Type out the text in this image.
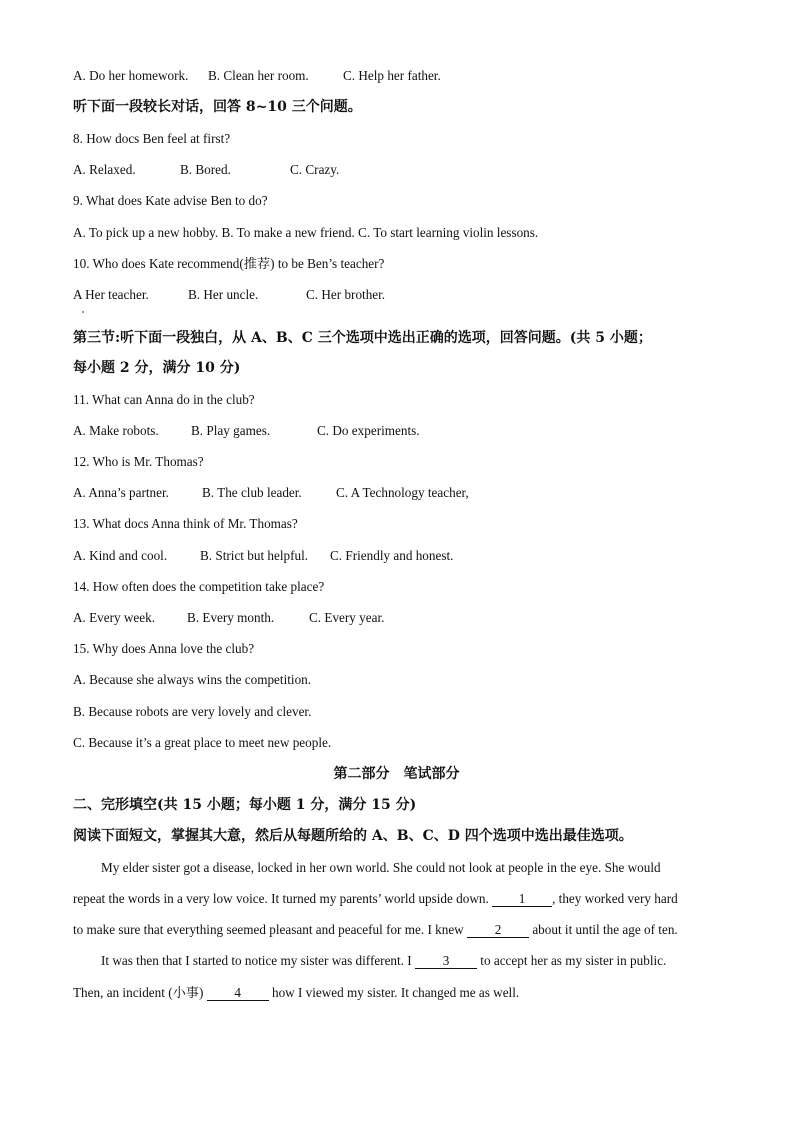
A. Do her homework. B. Clean her room.	C. Help her father.
听下面一段较长对话，回答 8~10 三个问题。
8. How docs Ben feel at first?
A. Relaxed.	B. Bored.	C. Crazy.
9. What does Kate advise Ben to do?
A. To pick up a new hobby. B. To make a new friend. C. To start learning violin lessons.
10. Who does Kate recommend(推荐) to be Ben’s teacher?
A Her teacher.	B. Her uncle.	C. Her brother.
第三节:听下面一段独白，从 A、B、C 三个选项中选出正确的选项，回答问题。(共 5 小题；
每小题 2 分，满分 10 分)
11. What can Anna do in the club?
A. Make robots. B. Play games.	C. Do experiments.
12. Who is Mr. Thomas?
A. Anna’s partner.	B. The club leader.	C. A Technology teacher,
13. What docs Anna think of Mr. Thomas?
A. Kind and cool. B. Strict but helpful. C. Friendly and honest.
14. How often does the competition take place?
A. Every week. B. Every month.	C. Every year.
15. Why does Anna love the club?
A. Because she always wins the competition.
B. Because robots are very lovely and clever.
C. Because it’s a great place to meet new people.
第二部分　笔试部分
二、完形填空(共 15 小题；每小题 1 分，满分 15 分)
阅读下面短文，掌握其大意，然后从每题所给的 A、B、C、D 四个选项中选出最佳选项。
My elder sister got a disease, locked in her own world. She could not look at people in the eye. She would
repeat the words in a very low voice. It turned my parents’ world upside down. 1 , they worked very hard
to make sure that everything seemed pleasant and peaceful for me. I knew 2 about it until the age of ten.
It was then that I started to notice my sister was different. I 3 to accept her as my sister in public.
Then, an incident (小事) 4 how I viewed my sister. It changed me as well.
